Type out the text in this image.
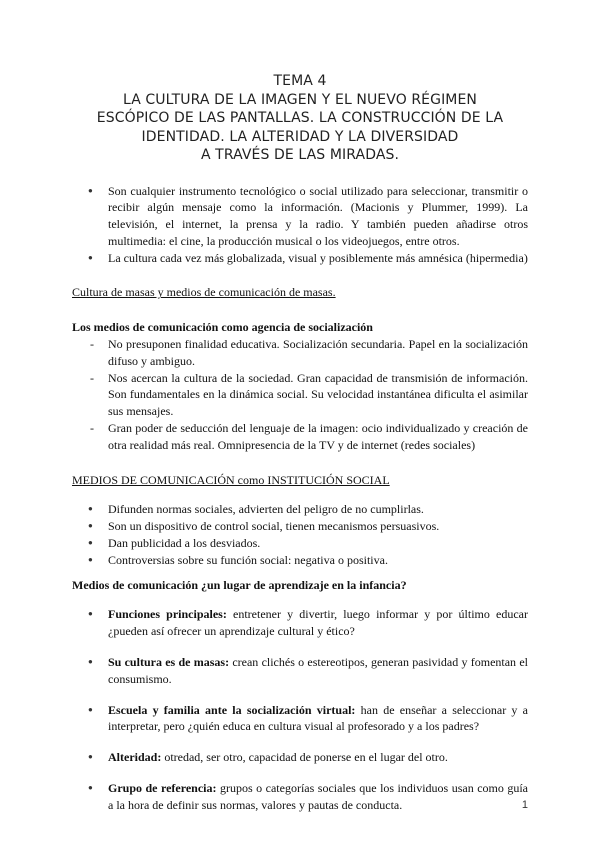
TEMA 4
LA CULTURA DE LA IMAGEN Y EL NUEVO RÉGIMEN
ESCÓPICO DE LAS PANTALLAS. LA CONSTRUCCIÓN DE LA
IDENTIDAD. LA ALTERIDAD Y LA DIVERSIDAD
A TRAVÉS DE LAS MIRADAS.
● Son cualquier instrumento tecnológico o social utilizado para seleccionar, transmitir o recibir algún mensaje como la información. (Macionis y Plummer, 1999). La televisión, el internet, la prensa y la radio. Y también pueden añadirse otros multimedia: el cine, la producción musical o los videojuegos, entre otros.
● La cultura cada vez más globalizada, visual y posiblemente más amnésica (hipermedia)
Cultura de masas y medios de comunicación de masas.
Los medios de comunicación como agencia de socialización
- No presuponen finalidad educativa. Socialización secundaria. Papel en la socialización difuso y ambiguo.
- Nos acercan la cultura de la sociedad. Gran capacidad de transmisión de información. Son fundamentales en la dinámica social. Su velocidad instantánea dificulta el asimilar sus mensajes.
- Gran poder de seducción del lenguaje de la imagen: ocio individualizado y creación de otra realidad más real. Omnipresencia de la TV y de internet (redes sociales)
MEDIOS DE COMUNICACIÓN como INSTITUCIÓN SOCIAL
● Difunden normas sociales, advierten del peligro de no cumplirlas.
● Son un dispositivo de control social, tienen mecanismos persuasivos.
● Dan publicidad a los desviados.
● Controversias sobre su función social: negativa o positiva.
Medios de comunicación ¿un lugar de aprendizaje en la infancia?
● Funciones principales: entretener y divertir, luego informar y por último educar ¿pueden así ofrecer un aprendizaje cultural y ético?
● Su cultura es de masas: crean clichés o estereotipos, generan pasividad y fomentan el consumismo.
● Escuela y familia ante la socialización virtual: han de enseñar a seleccionar y a interpretar, pero ¿quién educa en cultura visual al profesorado y a los padres?
● Alteridad: otredad, ser otro, capacidad de ponerse en el lugar del otro.
● Grupo de referencia: grupos o categorías sociales que los individuos usan como guía a la hora de definir sus normas, valores y pautas de conducta.	1
